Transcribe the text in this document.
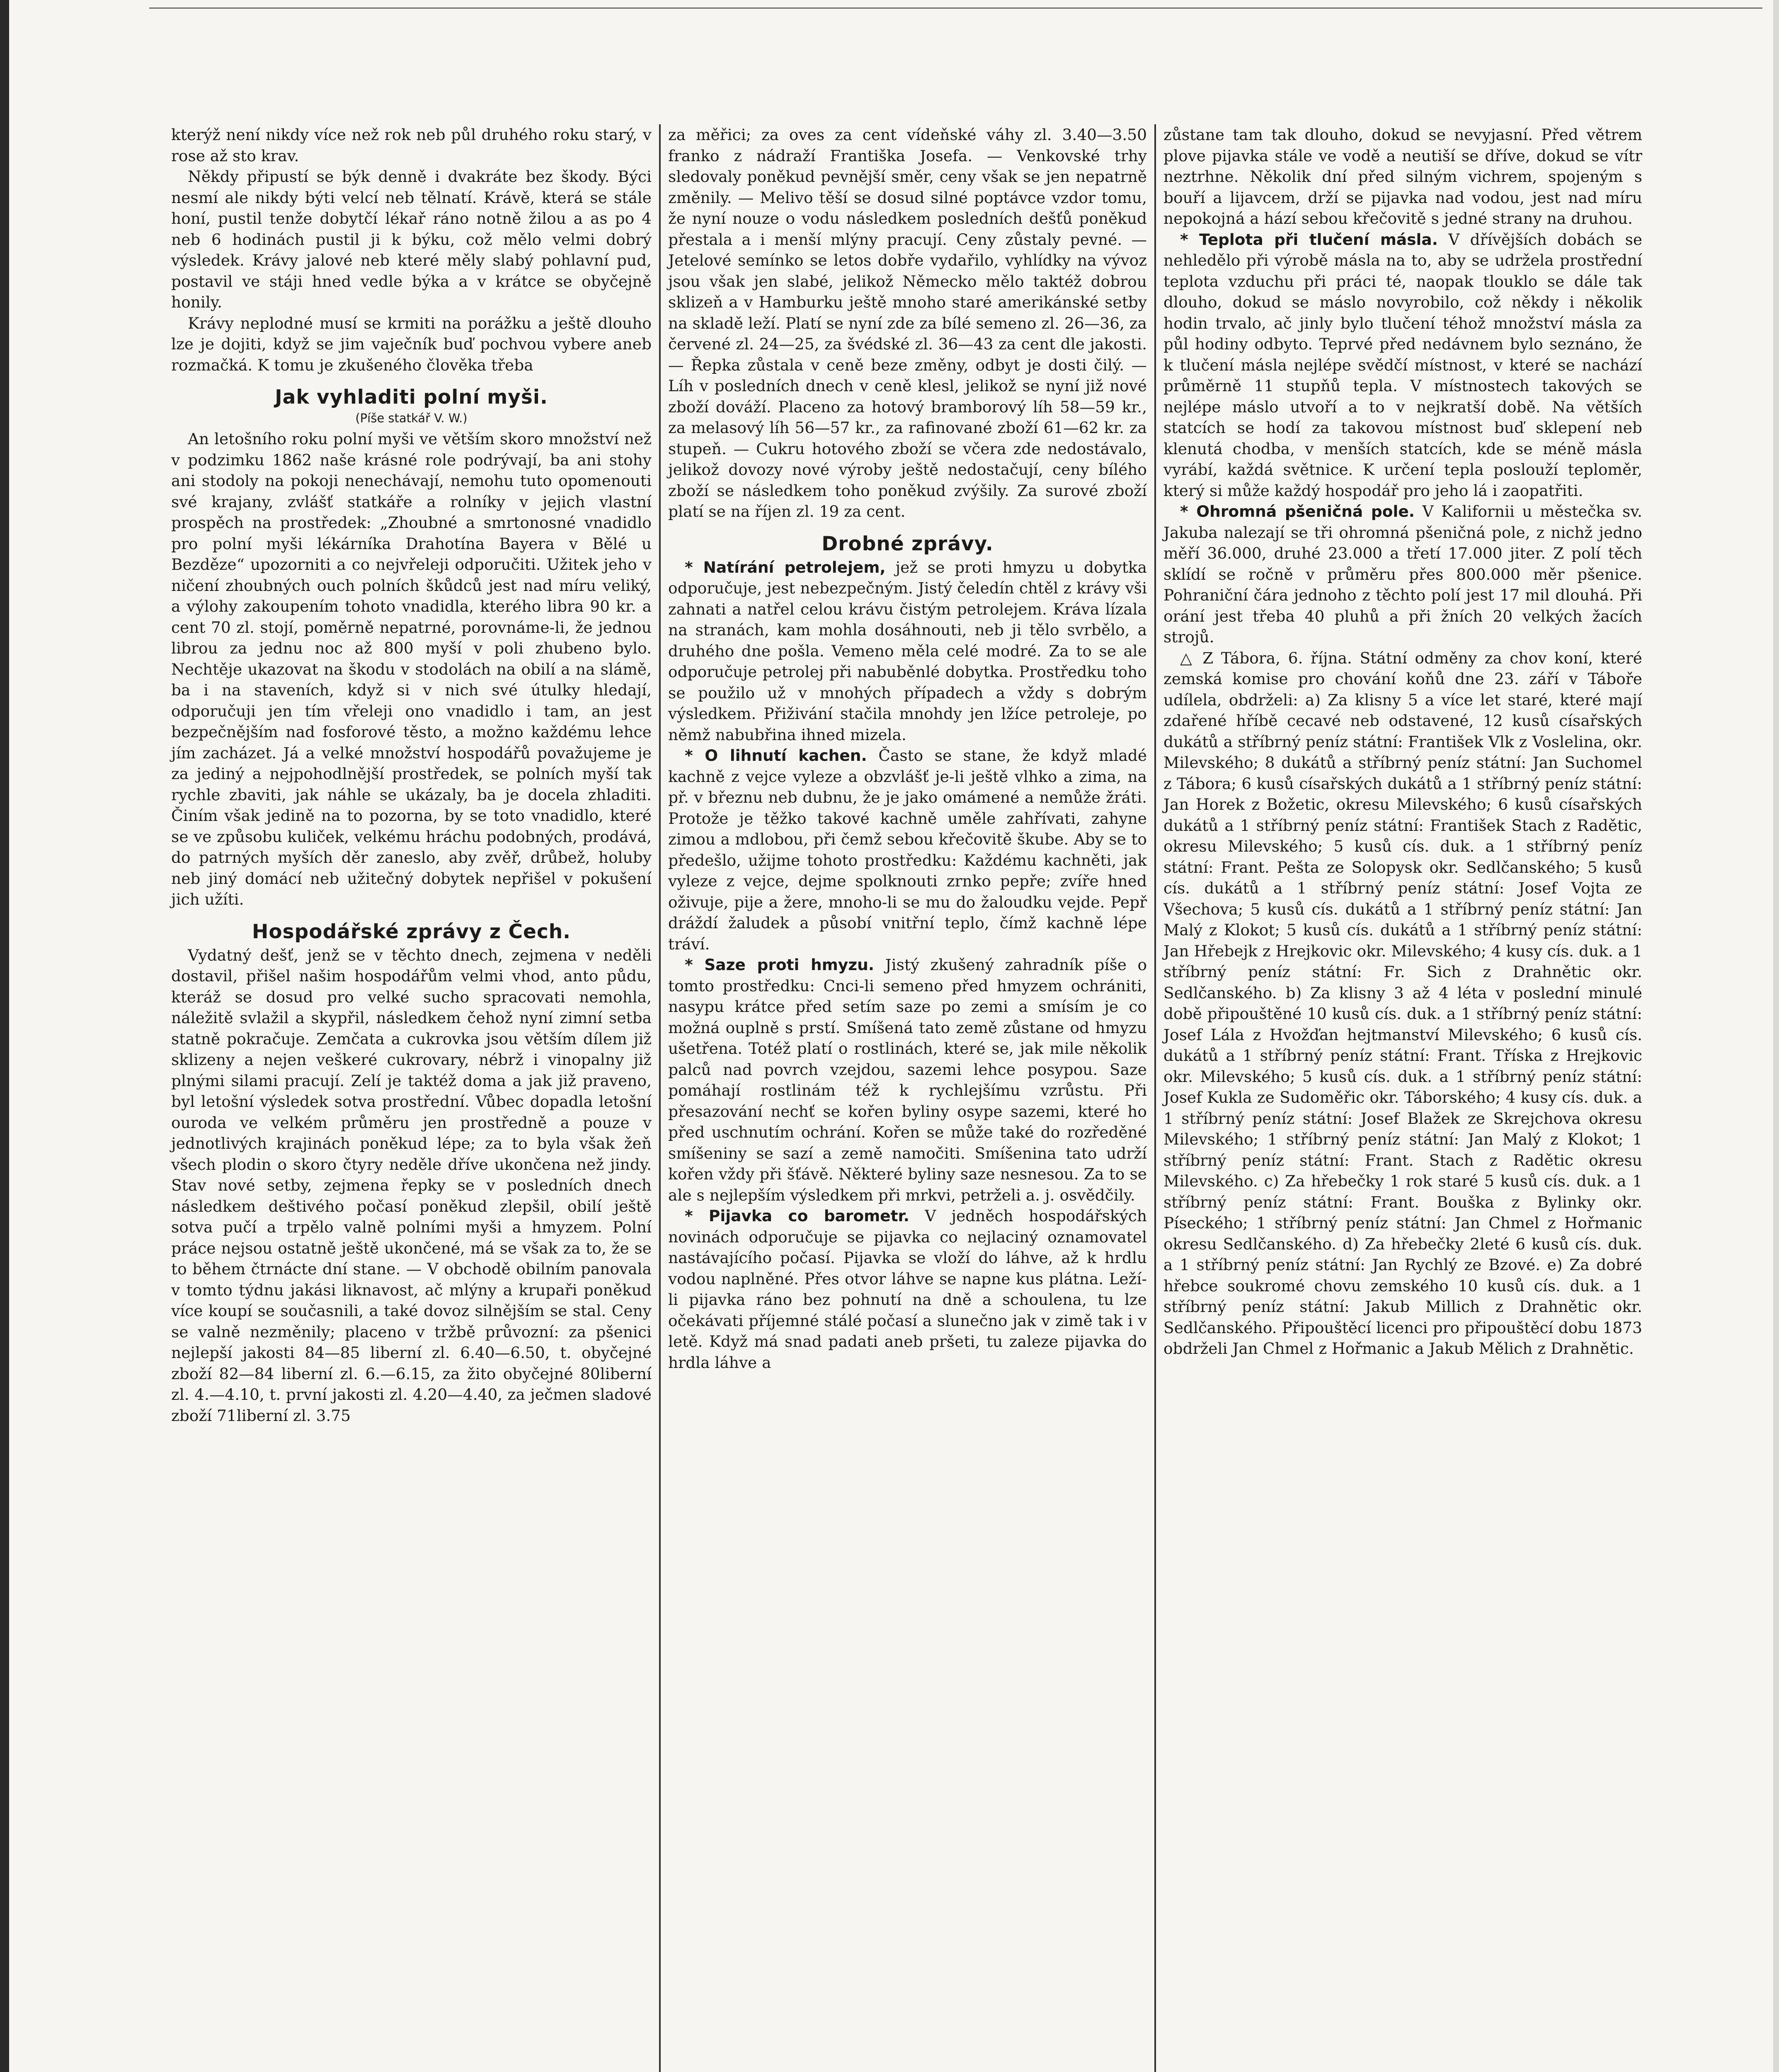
kterýž není nikdy více než rok neb půl druhého roku starý, v rose až sto krav.

Někdy připustí se býk denně i dvakráte bez škody. Býci nesmí ale nikdy býti velcí neb tělnatí. Krávě, která se stále honí, pustil tenže dobytčí lékař ráno notně žilou a as po 4 neb 6 hodinách pustil ji k býku, což mělo velmi dobrý výsledek. Krávy jalové neb které měly slabý pohlavní pud, postavil ve stáji hned vedle býka a v krátce se obyčejně honily.

Krávy neplodné musí se krmiti na porážku a ještě dlouho lze je dojiti, když se jim vaječník buď pochvou vybere aneb rozmačká. K tomu je zkušeného člověka třeba

Jak vyhladiti polní myši.
(Píše statkář V. W.)

An letošního roku polní myši ve větším skoro množství než v podzimku 1862 naše krásné role podrývají, ba ani stohy ani stodoly na pokoji nenechávají, nemohu tuto opomenouti své krajany, zvlášť statkáře a rolníky v jejich vlastní prospěch na prostředek: „Zhoubné a smrtonosné vnadidlo pro polní myši lékárníka Drahotína Bayera v Bělé u Bezděze“ upozorniti a co nejvřeleji odporučiti. Užitek jeho v ničení zhoubných ouch polních škůdců jest nad míru veliký, a výlohy zakoupením tohoto vnadidla, kterého libra 90 kr. a cent 70 zl. stojí, poměrně nepatrné, porovnáme-li, že jednou librou za jednu noc až 800 myší v poli zhubeno bylo. Nechtěje ukazovat na škodu v stodolách na obilí a na slámě, ba i na staveních, když si v nich své útulky hledají, odporučuji jen tím vřeleji ono vnadidlo i tam, an jest bezpečnějším nad fosforové těsto, a možno každému lehce jím zacházet. Já a velké množství hospodářů považujeme je za jediný a nejpohodlnější prostředek, se polních myší tak rychle zbaviti, jak náhle se ukázaly, ba je docela zhladiti. Činím však jedině na to pozorna, by se toto vnadidlo, které se ve způsobu kuliček, velkému hráchu podobných, prodává, do patrných myších děr zaneslo, aby zvěř, drůbež, holuby neb jiný domácí neb užitečný dobytek nepřišel v pokušení jich užíti.

Hospodářské zprávy z Čech.

Vydatný dešť, jenž se v těchto dnech, zejmena v neděli dostavil, přišel našim hospodářům velmi vhod, anto půdu, kteráž se dosud pro velké sucho spracovati nemohla, náležitě svlažil a skypřil, následkem čehož nyní zimní setba statně pokračuje. Zemčata a cukrovka jsou větším dílem již sklizeny a nejen veškeré cukrovary, nébrž i vinopalny již plnými silami pracují. Zelí je taktéž doma a jak již praveno, byl letošní výsledek sotva prostřední. Vůbec dopadla letošní ouroda ve velkém průměru jen prostředně a pouze v jednotlivých krajinách poněkud lépe; za to byla však žeň všech plodin o skoro čtyry neděle dříve ukončena než jindy. Stav nové setby, zejmena řepky se v posledních dnech následkem deštivého počasí poněkud zlepšil, obilí ještě sotva pučí a trpělo valně polními myši a hmyzem. Polní práce nejsou ostatně ještě ukončené, má se však za to, že se to během čtrnácte dní stane. — V obchodě obilním panovala v tomto týdnu jakási liknavost, ač mlýny a krupaři poněkud více koupí se současnili, a také dovoz silnějším se stal. Ceny se valně nezměnily; placeno v tržbě průvozní: za pšenici nejlepší jakosti 84—85 liberní zl. 6.40—6.50, t. obyčejné zboží 82—84 liberní zl. 6.—6.15, za žito obyčejné 80liberní zl. 4.—4.10, t. první jakosti zl. 4.20—4.40, za ječmen sladové zboží 71liberní zl. 3.75

za měřici; za oves za cent vídeňské váhy zl. 3.40—3.50 franko z nádraží Františka Josefa. — Venkovské trhy sledovaly poněkud pevnější směr, ceny však se jen nepatrně změnily. — Melivo těší se dosud silné poptávce vzdor tomu, že nyní nouze o vodu následkem posledních dešťů poněkud přestala a i menší mlýny pracují. Ceny zůstaly pevné. — Jetelové semínko se letos dobře vydařilo, vyhlídky na vývoz jsou však jen slabé, jelikož Německo mělo taktéž dobrou sklizeň a v Hamburku ještě mnoho staré amerikánské setby na skladě leží. Platí se nyní zde za bílé semeno zl. 26—36, za červené zl. 24—25, za švédské zl. 36—43 za cent dle jakosti. — Řepka zůstala v ceně beze změny, odbyt je dosti čilý. — Líh v posledních dnech v ceně klesl, jelikož se nyní již nové zboží dováží. Placeno za hotový bramborový líh 58—59 kr., za melasový líh 56—57 kr., za rafinované zboží 61—62 kr. za stupeň. — Cukru hotového zboží se včera zde nedostávalo, jelikož dovozy nové výroby ještě nedostačují, ceny bílého zboží se následkem toho poněkud zvýšily. Za surové zboží platí se na říjen zl. 19 za cent.

Drobné zprávy.

* Natírání petrolejem, jež se proti hmyzu u dobytka odporučuje, jest nebezpečným. Jistý čeledín chtěl z krávy vši zahnati a natřel celou krávu čistým petrolejem. Kráva lízala na stranách, kam mohla dosáhnouti, neb ji tělo svrbělo, a druhého dne pošla. Vemeno měla celé modré. Za to se ale odporučuje petrolej při nabuběnlé dobytka. Prostředku toho se použilo už v mnohých případech a vždy s dobrým výsledkem. Přiživání stačila mnohdy jen lžíce petroleje, po němž nabubřina ihned mizela.

* O lihnutí kachen. Často se stane, že když mladé kachně z vejce vyleze a obzvlášť je-li ještě vlhko a zima, na př. v březnu neb dubnu, že je jako omámené a nemůže žráti. Protože je těžko takové kachně uměle zahřívati, zahyne zimou a mdlobou, při čemž sebou křečovitě škube. Aby se to předešlo, užijme tohoto prostředku: Každému kachněti, jak vyleze z vejce, dejme spolknouti zrnko pepře; zvíře hned oživuje, pije a žere, mnoho-li se mu do žaloudku vejde. Pepř dráždí žaludek a působí vnitřní teplo, čímž kachně lépe tráví.

* Saze proti hmyzu. Jistý zkušený zahradník píše o tomto prostředku: Cnci-li semeno před hmyzem ochrániti, nasypu krátce před setím saze po zemi a smísím je co možná ouplně s prstí. Smíšená tato země zůstane od hmyzu ušetřena. Totéž platí o rostlinách, které se, jak mile několik palců nad povrch vzejdou, sazemi lehce posypou. Saze pomáhají rostlinám též k rychlejšímu vzrůstu. Při přesazování nechť se kořen byliny osype sazemi, které ho před uschnutím ochrání. Kořen se může také do rozředěné smíšeniny se sazí a země namočiti. Smíšenina tato udrží kořen vždy při šťávě. Některé byliny saze nesnesou. Za to se ale s nejlepším výsledkem při mrkvi, petrželi a. j. osvědčily.

* Pijavka co barometr. V jedněch hospodářských novinách odporučuje se pijavka co nejlaciný oznamovatel nastávajícího počasí. Pijavka se vloží do láhve, až k hrdlu vodou naplněné. Přes otvor láhve se napne kus plátna. Leží-li pijavka ráno bez pohnutí na dně a schoulena, tu lze očekávati příjemné stálé počasí a slunečno jak v zimě tak i v letě. Když má snad padati aneb pršeti, tu zaleze pijavka do hrdla láhve a

zůstane tam tak dlouho, dokud se nevyjasní. Před větrem plove pijavka stále ve vodě a neutiší se dříve, dokud se vítr neztrhne. Několik dní před silným vichrem, spojeným s bouří a lijavcem, drží se pijavka nad vodou, jest nad míru nepokojná a hází sebou křečovitě s jedné strany na druhou.

* Teplota při tlučení másla. V dřívějších dobách se nehledělo při výrobě másla na to, aby se udržela prostřední teplota vzduchu při práci té, naopak tlouklo se dále tak dlouho, dokud se máslo novyrobilo, což někdy i několik hodin trvalo, ač jinly bylo tlučení téhož množství másla za půl hodiny odbyto. Teprvé před nedávnem bylo seznáno, že k tlučení másla nejlépe svědčí místnost, v které se nachází průměrně 11 stupňů tepla. V místnostech takových se nejlépe máslo utvoří a to v nejkratší době. Na větších statcích se hodí za takovou místnost buď sklepení neb klenutá chodba, v menších statcích, kde se méně másla vyrábí, každá světnice. K určení tepla poslouží teploměr, který si může každý hospodář pro jeho lá i zaopatřiti.

* Ohromná pšeničná pole. V Kalifornii u městečka sv. Jakuba nalezají se tři ohromná pšeničná pole, z nichž jedno měří 36.000, druhé 23.000 a třetí 17.000 jiter. Z polí těch sklídí se ročně v průměru přes 800.000 měr pšenice. Pohraniční čára jednoho z těchto polí jest 17 mil dlouhá. Při orání jest třeba 40 pluhů a při žních 20 velkých žacích strojů.

△ Z Tábora, 6. října. Státní odměny za chov koní, které zemská komise pro chování koňů dne 23. září v Táboře udílela, obdrželi: a) Za klisny 5 a více let staré, které mají zdařené hříbě cecavé neb odstavené, 12 kusů císařských dukátů a stříbrný peníz státní: František Vlk z Voslelina, okr. Milevského; 8 dukátů a stříbrný peníz státní: Jan Suchomel z Tábora; 6 kusů císařských dukátů a 1 stříbrný peníz státní: Jan Horek z Božetic, okresu Milevského; 6 kusů císařských dukátů a 1 stříbrný peníz státní: František Stach z Radětic, okresu Milevského; 5 kusů cís. duk. a 1 stříbrný peníz státní: Frant. Pešta ze Solopysk okr. Sedlčanského; 5 kusů cís. dukátů a 1 stříbrný peníz státní: Josef Vojta ze Všechova; 5 kusů cís. dukátů a 1 stříbrný peníz státní: Jan Malý z Klokot; 5 kusů cís. dukátů a 1 stříbrný peníz státní: Jan Hřebejk z Hrejkovic okr. Milevského; 4 kusy cís. duk. a 1 stříbrný peníz státní: Fr. Sich z Drahnětic okr. Sedlčanského. b) Za klisny 3 až 4 léta v poslední minulé době připouštěné 10 kusů cís. duk. a 1 stříbrný peníz státní: Josef Lála z Hvožďan hejtmanství Milevského; 6 kusů cís. dukátů a 1 stříbrný peníz státní: Frant. Tříska z Hrejkovic okr. Milevského; 5 kusů cís. duk. a 1 stříbrný peníz státní: Josef Kukla ze Sudoměřic okr. Táborského; 4 kusy cís. duk. a 1 stříbrný peníz státní: Josef Blažek ze Skrejchova okresu Milevského; 1 stříbrný peníz státní: Jan Malý z Klokot; 1 stříbrný peníz státní: Frant. Stach z Radětic okresu Milevského. c) Za hřebečky 1 rok staré 5 kusů cís. duk. a 1 stříbrný peníz státní: Frant. Bouška z Bylinky okr. Píseckého; 1 stříbrný peníz státní: Jan Chmel z Hořmanic okresu Sedlčanského. d) Za hřebečky 2leté 6 kusů cís. duk. a 1 stříbrný peníz státní: Jan Rychlý ze Bzové. e) Za dobré hřebce soukromé chovu zemského 10 kusů cís. duk. a 1 stříbrný peníz státní: Jakub Millich z Drahnětic okr. Sedlčanského. Připouštěcí licenci pro připouštěcí dobu 1873 obdrželi Jan Chmel z Hořmanic a Jakub Mělich z Drahnětic.
